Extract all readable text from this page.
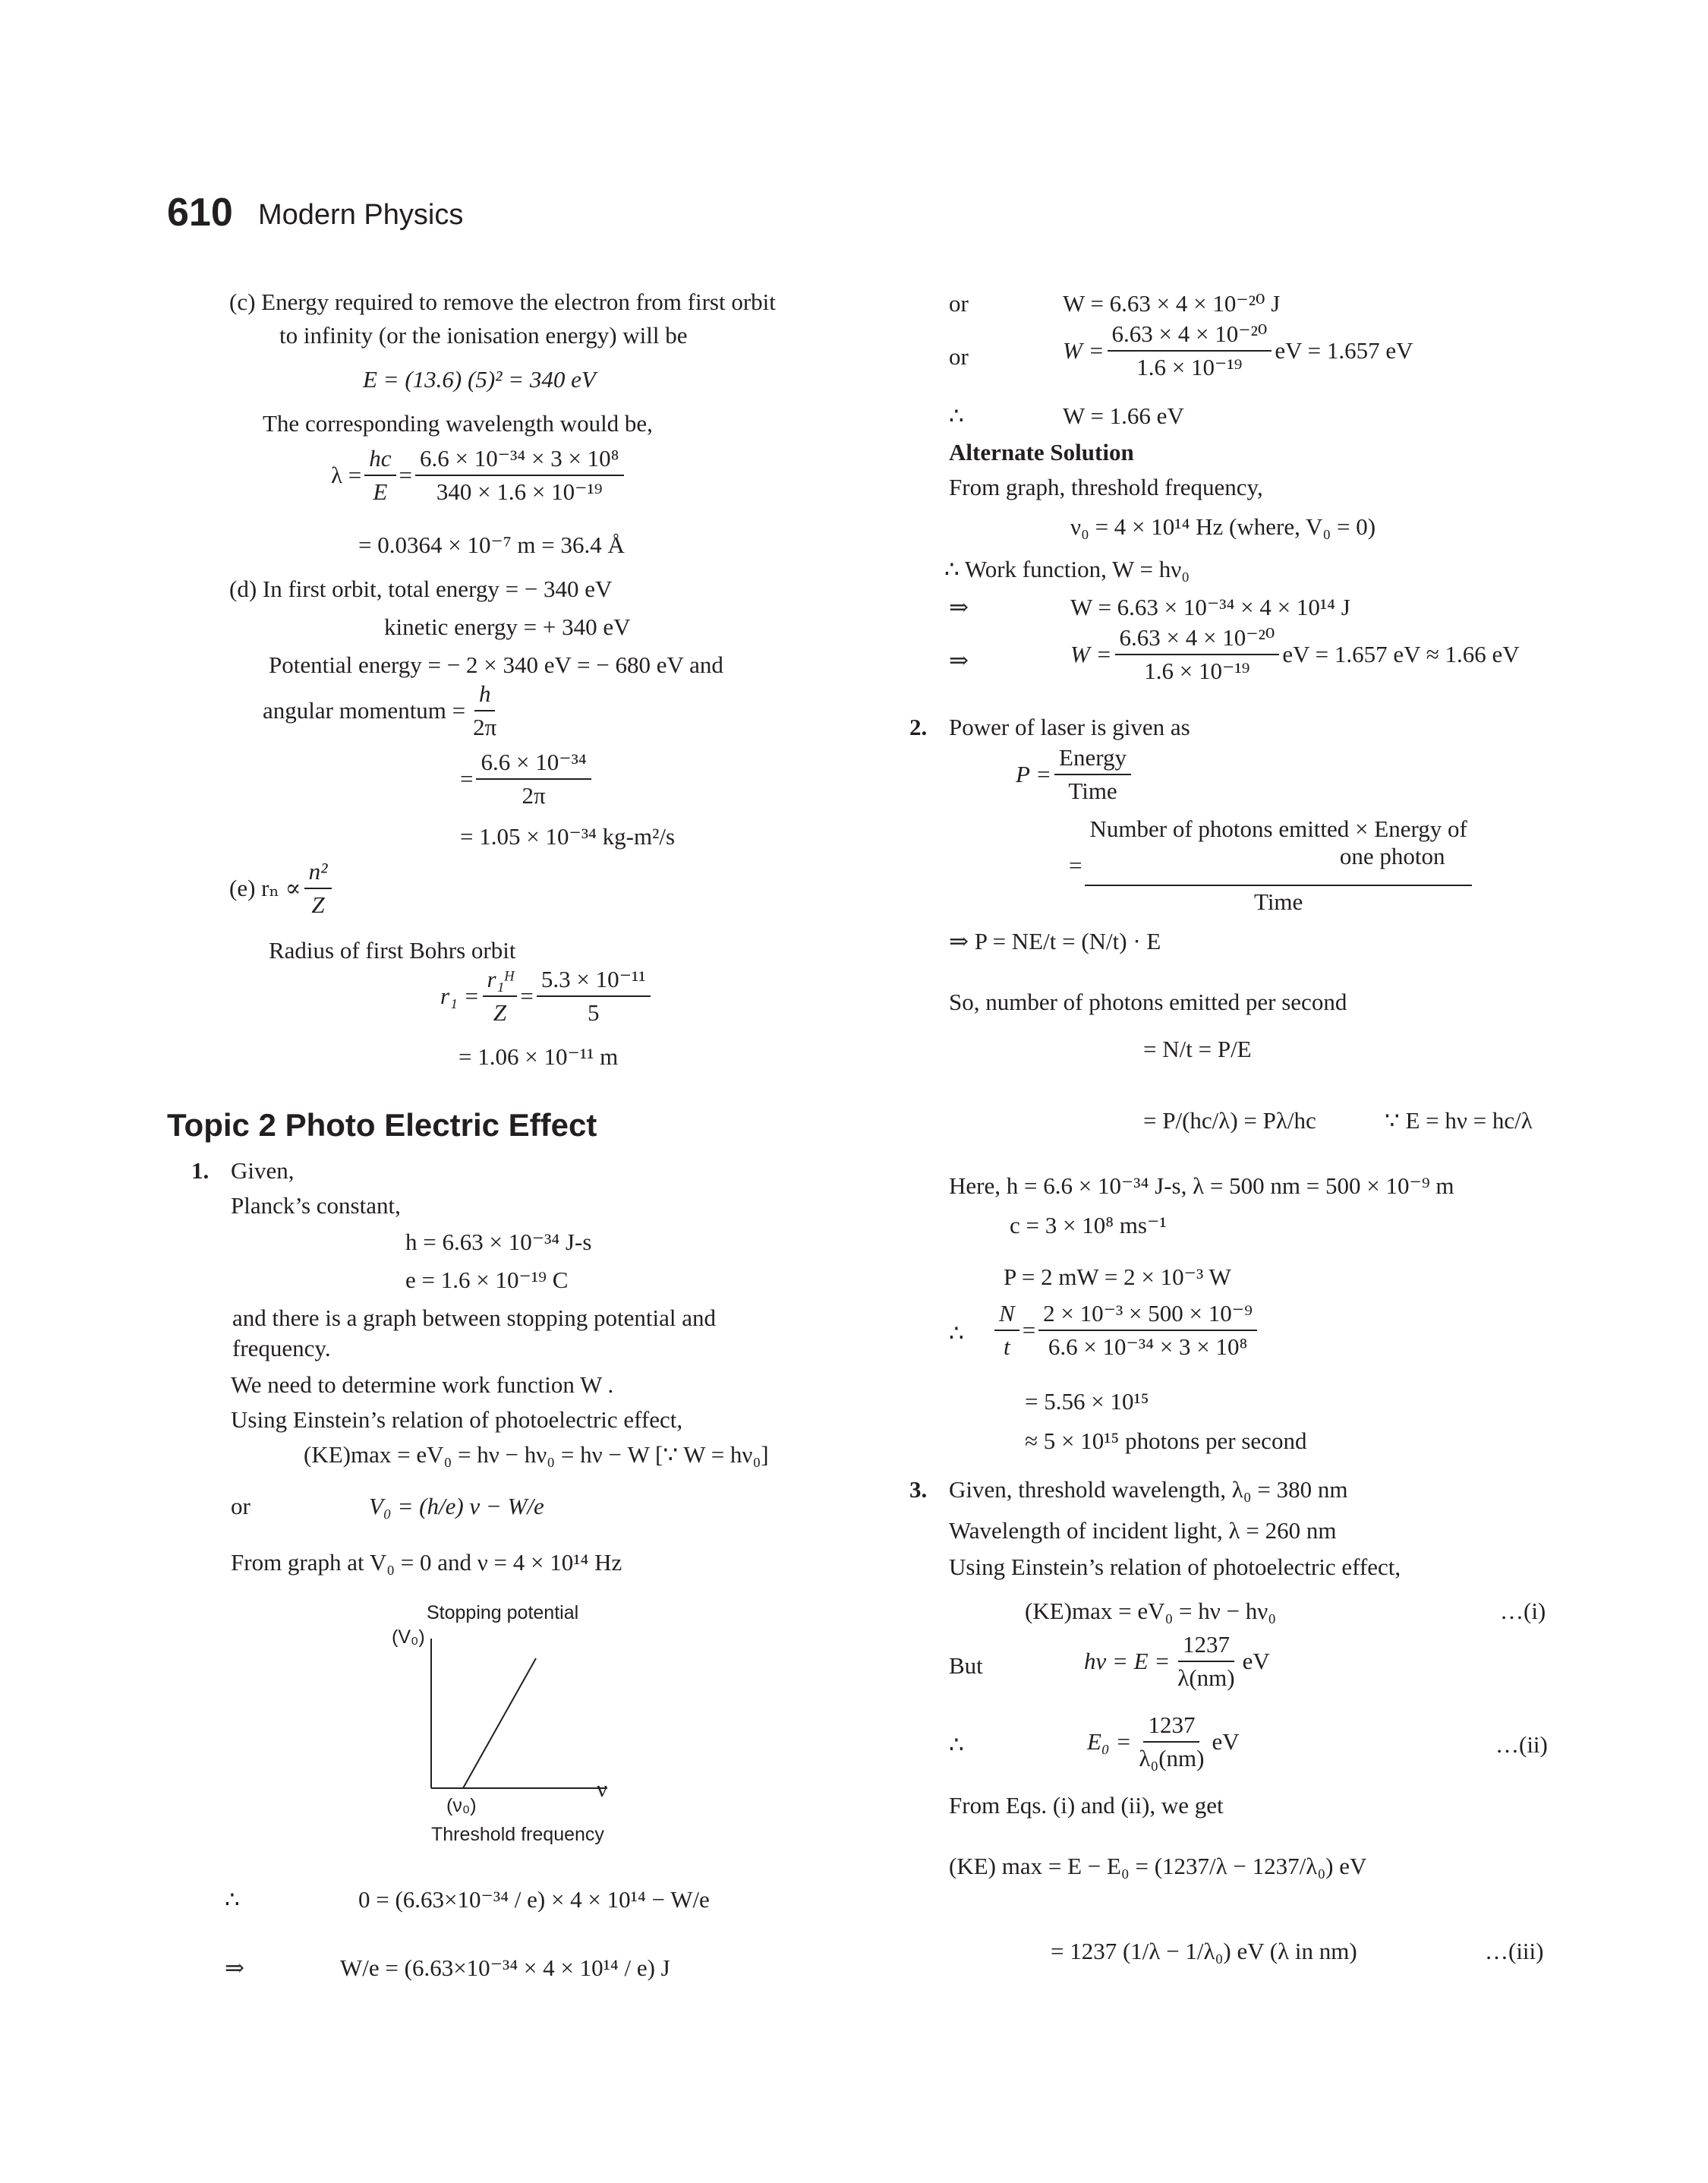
610 Modern Physics
(c) Energy required to remove the electron from first orbit
to infinity (or the ionisation energy) will be
E = (13.6) (5)² = 340 eV
The corresponding wavelength would be,
$\lambda = \frac{hc}{E} = \frac{\text{6.6 × 10⁻³⁴ × 3 × 10⁸}}{\text{340 × 1.6 × 10⁻¹⁹}}$
= 0.0364 × 10⁻⁷ m = 36.4 Å
(d) In first orbit, total energy = − 340 eV
kinetic energy = + 340 eV
Potential energy = − 2 × 340 eV = − 680 eV and
angular momentum = $\frac{h}{2\pi}$
= $\frac{\text{6.6 × 10⁻³⁴}}{2\pi}$
= 1.05 × 10⁻³⁴ kg-m²/s
(e) $r_n \propto \frac{\text{n²}}{Z}$
Radius of first Bohrs orbit
$r_1 = \frac{\text{r₁ᴴ}}{Z} = \frac{\text{5.3 × 10⁻¹¹}}{5}$
= 1.06 × 10⁻¹¹ m
Topic 2 Photo Electric Effect
1. Given,
Planck’s constant,
h = 6.63 × 10⁻³⁴ J-s
e = 1.6 × 10⁻¹⁹ C
and there is a graph between stopping potential and
frequency.
We need to determine work function W .
Using Einstein’s relation of photoelectric effect,
(KE)max = eV₀ = hν − hν₀ = hν − W [∵ W = hν₀]
or	V₀ = (h/e) ν − W/e
From graph at V₀ = 0 and ν = 4 × 10¹⁴ Hz
Stopping potential
(V₀)
ν
(ν₀)
Threshold frequency
∴	0 = (6.63×10⁻³⁴ / e) × 4 × 10¹⁴ − W/e
⇒	W/e = (6.63×10⁻³⁴ × 4 × 10¹⁴ / e) J
or	W = 6.63 × 4 × 10⁻²⁰ J
or	$W = \frac{\text{6.63 × 4 × 10⁻²⁰}}{\text{1.6 × 10⁻¹⁹}}$ eV = 1.657 eV
∴	W = 1.66 eV
Alternate Solution
From graph, threshold frequency,
ν₀ = 4 × 10¹⁴ Hz (where, V₀ = 0)
∴ Work function, W = hν₀
⇒	W = 6.63 × 10⁻³⁴ × 4 × 10¹⁴ J
⇒	$W = \frac{\text{6.63 × 4 × 10⁻²⁰}}{\text{1.6 × 10⁻¹⁹}}$ eV = 1.657 eV ≈ 1.66 eV
2. Power of laser is given as
$P = \frac{\text{Energy}}{\text{Time}}$
=
Number of photons emitted × Energy of
one photon
Time
⇒ P = NE/t = (N/t) · E
So, number of photons emitted per second
= N/t = P/E
= P/(hc/λ) = Pλ/hc	∵ E = hν = hc/λ
Here, h = 6.6 × 10⁻³⁴ J-s, λ = 500 nm = 500 × 10⁻⁹ m
c = 3 × 10⁸ ms⁻¹
P = 2 mW = 2 × 10⁻³ W
∴ $\frac{N}{t} = \frac{\text{2 × 10⁻³ × 500 × 10⁻⁹}}{\text{6.6 × 10⁻³⁴ × 3 × 10⁸}}$
= 5.56 × 10¹⁵
≈ 5 × 10¹⁵ photons per second
3. Given, threshold wavelength, λ₀ = 380 nm
Wavelength of incident light, λ = 260 nm
Using Einstein’s relation of photoelectric effect,
(KE)max = eV₀ = hν − hν₀	…(i)
But	$h\nu = E = \frac{1237}{\lambda(nm)}$ eV
∴	$E_0 = \frac{1237}{\text{λ₀(nm)}}$ eV	…(ii)
From Eqs. (i) and (ii), we get
(KE) max = E − E₀ = (1237/λ − 1237/λ₀) eV
= 1237 (1/λ − 1/λ₀) eV (λ in nm)	…(iii)
